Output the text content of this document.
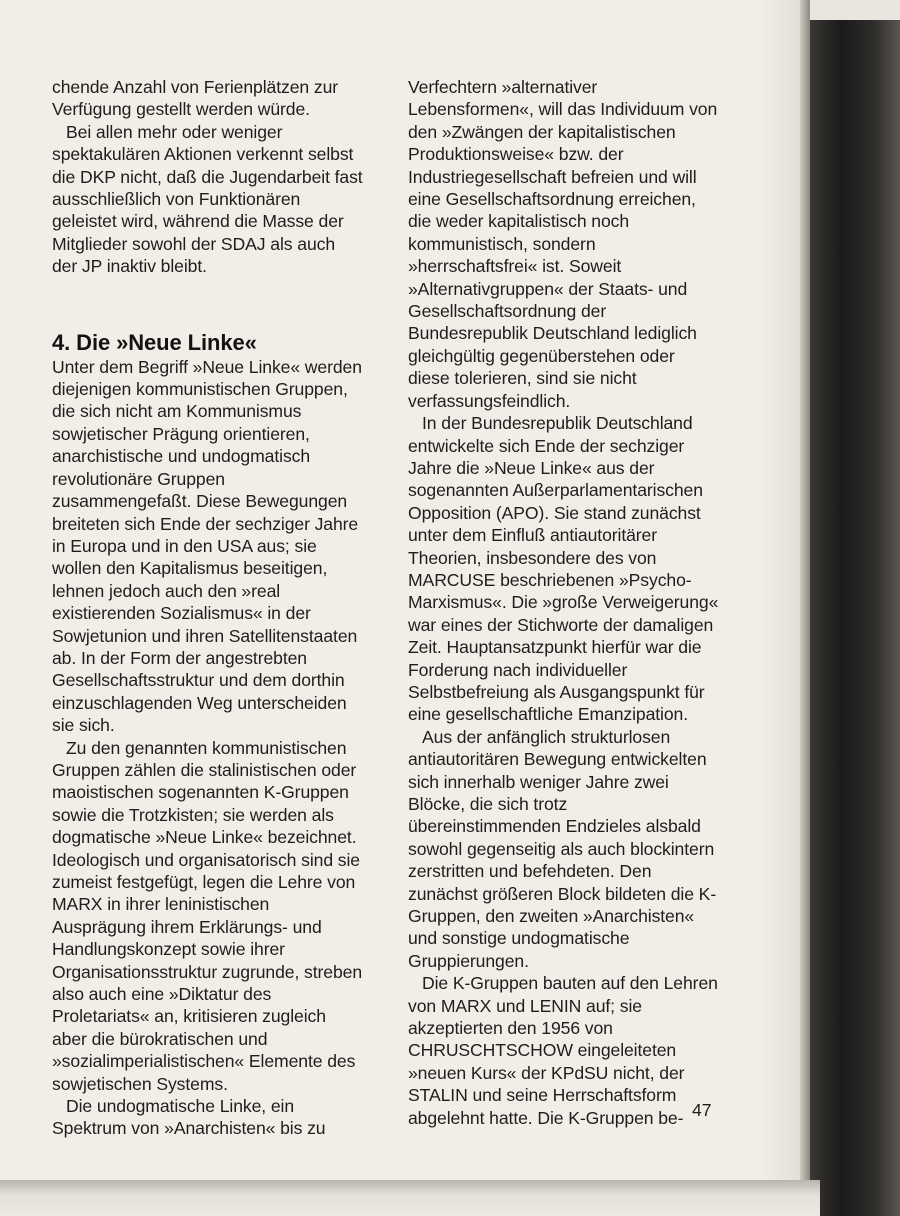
chende Anzahl von Ferienplätzen zur Verfügung gestellt werden würde.

Bei allen mehr oder weniger spektakulären Aktionen verkennt selbst die DKP nicht, daß die Jugendarbeit fast ausschließlich von Funktionären geleistet wird, während die Masse der Mitglieder sowohl der SDAJ als auch der JP inaktiv bleibt.

4. Die »Neue Linke«

Unter dem Begriff »Neue Linke« werden diejenigen kommunistischen Gruppen, die sich nicht am Kommunismus sowjetischer Prägung orientieren, anarchistische und undogmatisch revolutionäre Gruppen zusammengefaßt. Diese Bewegungen breiteten sich Ende der sechziger Jahre in Europa und in den USA aus; sie wollen den Kapitalismus beseitigen, lehnen jedoch auch den »real existierenden Sozialismus« in der Sowjetunion und ihren Satellitenstaaten ab. In der Form der angestrebten Gesellschaftsstruktur und dem dorthin einzuschlagenden Weg unterscheiden sie sich.

Zu den genannten kommunistischen Gruppen zählen die stalinistischen oder maoistischen sogenannten K-Gruppen sowie die Trotzkisten; sie werden als dogmatische »Neue Linke« bezeichnet. Ideologisch und organisatorisch sind sie zumeist festgefügt, legen die Lehre von MARX in ihrer leninistischen Ausprägung ihrem Erklärungs- und Handlungskonzept sowie ihrer Organisationsstruktur zugrunde, streben also auch eine »Diktatur des Proletariats« an, kritisieren zugleich aber die bürokratischen und »sozialimperialistischen« Elemente des sowjetischen Systems.

Die undogmatische Linke, ein Spektrum von »Anarchisten« bis zu

Verfechtern »alternativer Lebensformen«, will das Individuum von den »Zwängen der kapitalistischen Produktionsweise« bzw. der Industriegesellschaft befreien und will eine Gesellschaftsordnung erreichen, die weder kapitalistisch noch kommunistisch, sondern »herrschaftsfrei« ist. Soweit »Alternativgruppen« der Staats- und Gesellschaftsordnung der Bundesrepublik Deutschland lediglich gleichgültig gegenüberstehen oder diese tolerieren, sind sie nicht verfassungsfeindlich.

In der Bundesrepublik Deutschland entwickelte sich Ende der sechziger Jahre die »Neue Linke« aus der sogenannten Außerparlamentarischen Opposition (APO). Sie stand zunächst unter dem Einfluß antiautoritärer Theorien, insbesondere des von MARCUSE beschriebenen »Psycho-Marxismus«. Die »große Verweigerung« war eines der Stichworte der damaligen Zeit. Hauptansatzpunkt hierfür war die Forderung nach individueller Selbstbefreiung als Ausgangspunkt für eine gesellschaftliche Emanzipation.

Aus der anfänglich strukturlosen antiautoritären Bewegung entwickelten sich innerhalb weniger Jahre zwei Blöcke, die sich trotz übereinstimmenden Endzieles alsbald sowohl gegenseitig als auch blockintern zerstritten und befehdeten. Den zunächst größeren Block bildeten die K-Gruppen, den zweiten »Anarchisten« und sonstige undogmatische Gruppierungen.

Die K-Gruppen bauten auf den Lehren von MARX und LENIN auf; sie akzeptierten den 1956 von CHRUSCHTSCHOW eingeleiteten »neuen Kurs« der KPdSU nicht, der STALIN und seine Herrschaftsform abgelehnt hatte. Die K-Gruppen be- 47
